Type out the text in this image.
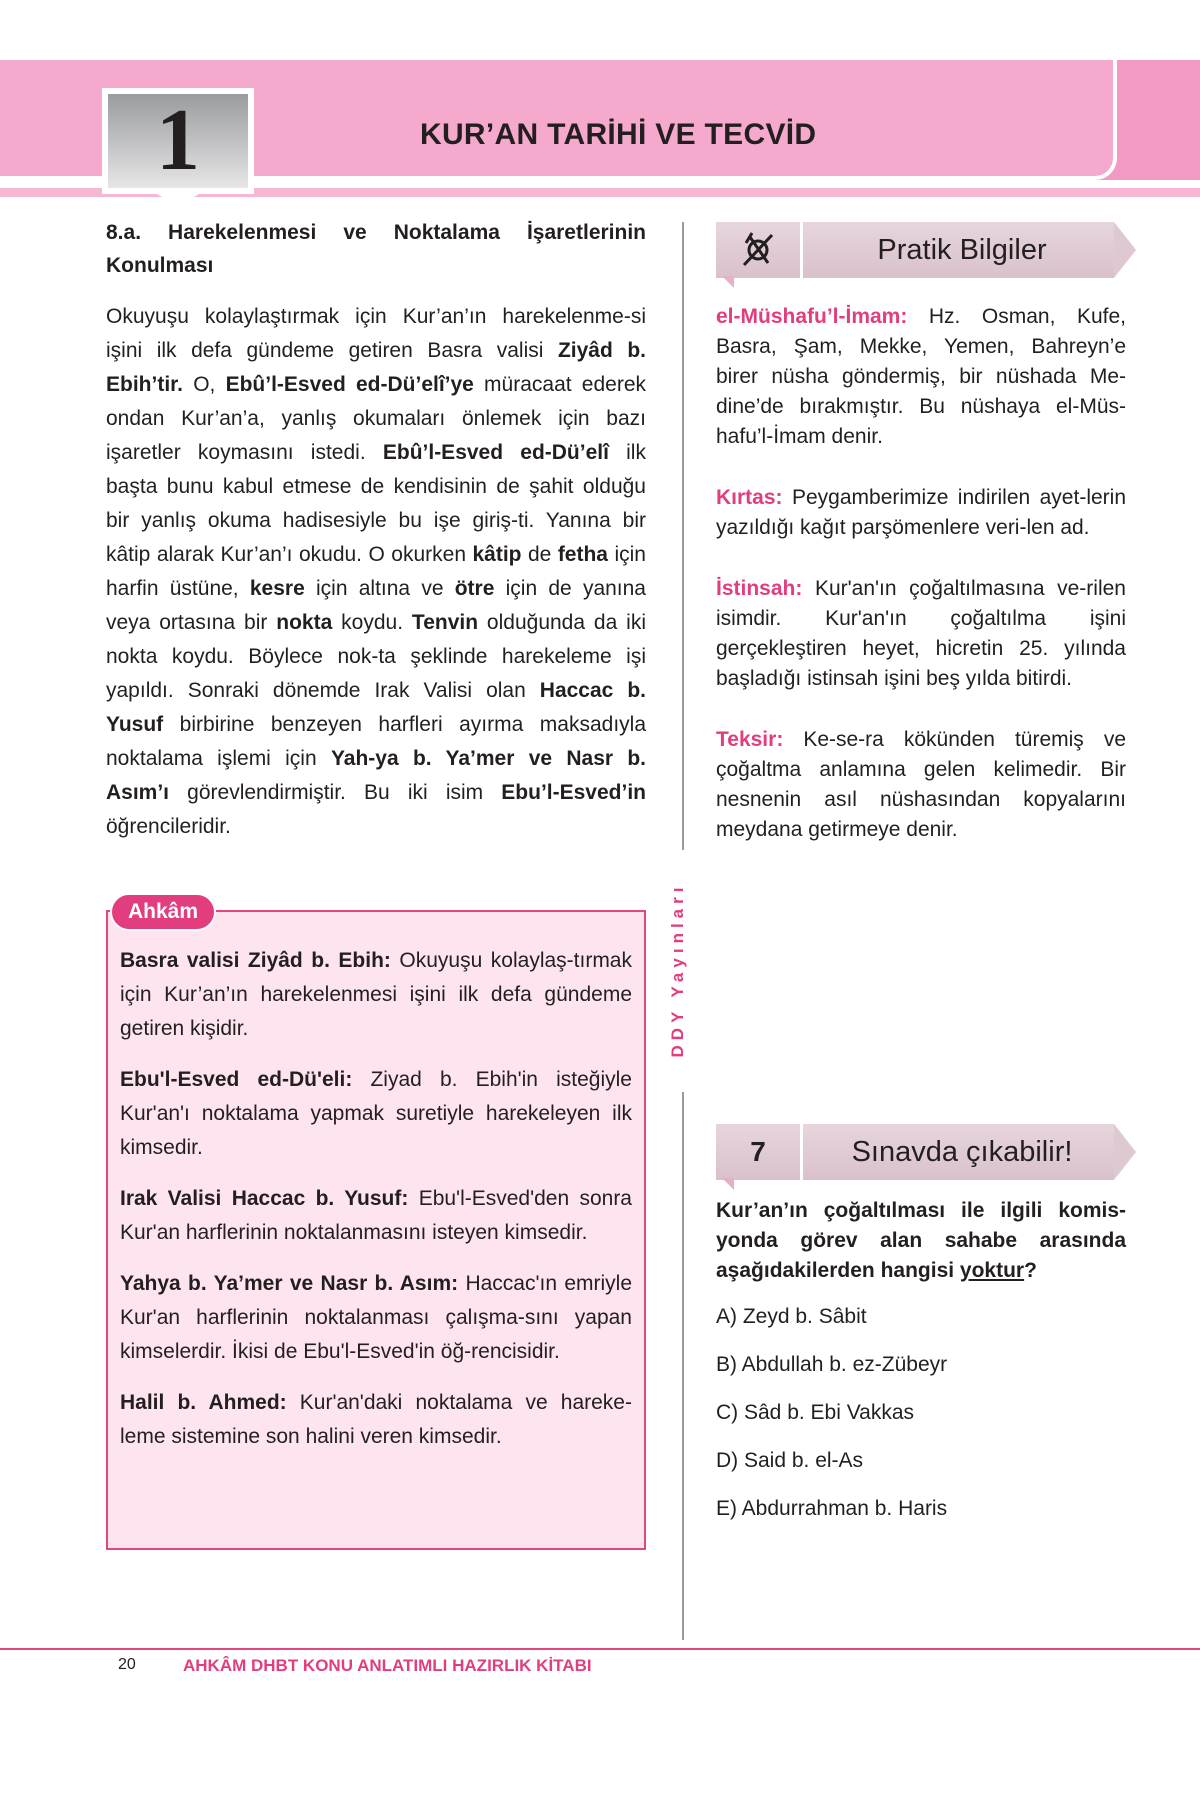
1	KUR’AN TARİHİ VE TECVİD
8.a. Harekelenmesi ve Noktalama İşaretlerinin Konulması
Okuyuşu kolaylaştırmak için Kur’an’ın harekelenme-si işini ilk defa gündeme getiren Basra valisi Ziyâd b. Ebih’tir. O, Ebû’l-Esved ed-Dü’elî’ye müracaat ederek ondan Kur’an’a, yanlış okumaları önlemek için bazı işaretler koymasını istedi. Ebû’l-Esved ed-Dü’elî ilk başta bunu kabul etmese de kendisinin de şahit olduğu bir yanlış okuma hadisesiyle bu işe giriş-ti. Yanına bir kâtip alarak Kur’an’ı okudu. O okurken kâtip de fetha için harfin üstüne, kesre için altına ve ötre için de yanına veya ortasına bir nokta koydu. Tenvin olduğunda da iki nokta koydu. Böylece nok-ta şeklinde harekeleme işi yapıldı. Sonraki dönemde Irak Valisi olan Haccac b. Yusuf birbirine benzeyen harfleri ayırma maksadıyla noktalama işlemi için Yah-ya b. Ya’mer ve Nasr b. Asım’ı görevlendirmiştir. Bu iki isim Ebu’l-Esved’in öğrencileridir.
Ahkâm
Basra valisi Ziyâd b. Ebih: Okuyuşu kolaylaş-tırmak için Kur’an’ın harekelenmesi işini ilk defa gündeme getiren kişidir.
Ebu'l-Esved ed-Dü'eli: Ziyad b. Ebih'in isteğiyle Kur'an'ı noktalama yapmak suretiyle harekeleyen ilk kimsedir.
Irak Valisi Haccac b. Yusuf: Ebu'l-Esved'den sonra Kur'an harflerinin noktalanmasını isteyen kimsedir.
Yahya b. Ya’mer ve Nasr b. Asım: Haccac'ın emriyle Kur'an harflerinin noktalanması çalışma-sını yapan kimselerdir. İkisi de Ebu'l-Esved'in öğ-rencisidir.
Halil b. Ahmed: Kur'an'daki noktalama ve hareke-leme sistemine son halini veren kimsedir.
DDY Yayınları
Pratik Bilgiler
el-Müshafu’l-İmam: Hz. Osman, Kufe, Basra, Şam, Mekke, Yemen, Bahreyn’e birer nüsha göndermiş, bir nüshada Me-dine’de bırakmıştır. Bu nüshaya el-Müs-hafu’l-İmam denir.
Kırtas: Peygamberimize indirilen ayet-lerin yazıldığı kağıt parşömenlere veri-len ad.
İstinsah: Kur'an'ın çoğaltılmasına ve-rilen isimdir. Kur'an'ın çoğaltılma işini gerçekleştiren heyet, hicretin 25. yılında başladığı istinsah işini beş yılda bitirdi.
Teksir: Ke-se-ra kökünden türemiş ve çoğaltma anlamına gelen kelimedir. Bir nesnenin asıl nüshasından kopyalarını meydana getirmeye denir.
7	Sınavda çıkabilir!
Kur’an’ın çoğaltılması ile ilgili komis-yonda görev alan sahabe arasında aşağıdakilerden hangisi yoktur?
A) Zeyd b. Sâbit
B) Abdullah b. ez-Zübeyr
C) Sâd b. Ebi Vakkas
D) Said b. el-As
E) Abdurrahman b. Haris
20	AHKÂM DHBT KONU ANLATIMLI HAZIRLIK KİTABI
